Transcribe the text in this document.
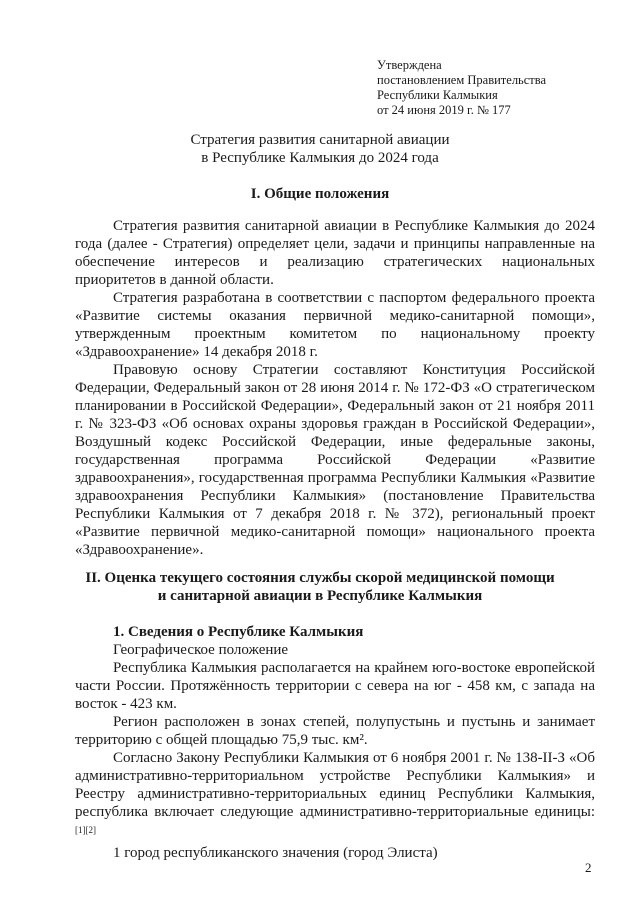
Утверждена
постановлением Правительства
Республики Калмыкия
от 24 июня 2019 г. № 177
Стратегия развития санитарной авиации
в Республике Калмыкия до 2024 года
I. Общие положения

Стратегия развития санитарной авиации в Республике Калмыкия до 2024 года (далее - Стратегия) определяет цели, задачи и принципы направленные на обеспечение интересов и реализацию стратегических национальных приоритетов в данной области.

Стратегия разработана в соответствии с паспортом федерального проекта «Развитие системы оказания первичной медико-санитарной помощи», утвержденным проектным комитетом по национальному проекту «Здравоохранение» 14 декабря 2018 г.

Правовую основу Стратегии составляют Конституция Российской Федерации, Федеральный закон от 28 июня 2014 г. № 172-ФЗ «О стратегическом планировании в Российской Федерации», Федеральный закон от 21 ноября 2011 г. № 323-ФЗ «Об основах охраны здоровья граждан в Российской Федерации», Воздушный кодекс Российской Федерации, иные федеральные законы, государственная программа Российской Федерации «Развитие здравоохранения», государственная программа Республики Калмыкия «Развитие здравоохранения Республики Калмыкия» (постановление Правительства Республики Калмыкия от 7 декабря 2018 г. № 372), региональный проект «Развитие первичной медико-санитарной помощи» национального проекта «Здравоохранение».

II. Оценка текущего состояния службы скорой медицинской помощи
и санитарной авиации в Республике Калмыкия
1. Сведения о Республике Калмыкия
Географическое положение

Республика Калмыкия располагается на крайнем юго-востоке европейской части России. Протяжённость территории с севера на юг - 458 км, с запада на восток - 423 км.

Регион расположен в зонах степей, полупустынь и пустынь и занимает территорию с общей площадью 75,9 тыс. км².

Согласно Закону Республики Калмыкия от 6 ноября 2001 г. № 138-II-З «Об административно-территориальном устройстве Республики Калмыкия» и Реестру административно-территориальных единиц Республики Калмыкия, республика включает следующие административно-территориальные единицы:[1][2]

1 город республиканского значения (город Элиста)

2
